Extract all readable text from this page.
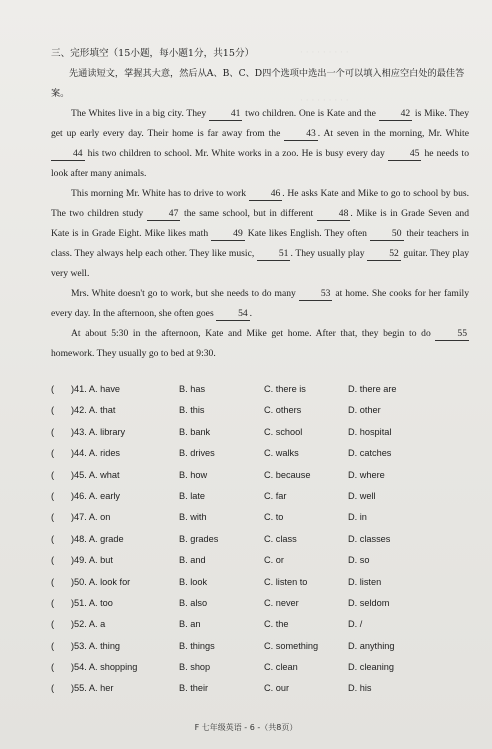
· · · · · · · · ·
· · · · · · · · ·

三、完形填空（15小题，每小题1分，共15分）

先通读短文，掌握其大意，然后从A、B、C、D四个选项中选出一个可以填入相应空白处的最佳答案。

The Whites live in a big city. They 41 two children. One is Kate and the 42 is Mike. They get up early every day. Their home is far away from the 43 . At seven in the morning, Mr. White 44 his two children to school. Mr. White works in a zoo. He is busy every day 45 he needs to look after many animals.

This morning Mr. White has to drive to work 46 . He asks Kate and Mike to go to school by bus. The two children study 47 the same school, but in different 48 . Mike is in Grade Seven and Kate is in Grade Eight. Mike likes math 49 Kate likes English. They often 50 their teachers in class. They always help each other. They like music, 51 . They usually play 52 guitar. They play very well.

Mrs. White doesn't go to work, but she needs to do many 53 at home. She cooks for her family every day. In the afternoon, she often goes 54 .

At about 5:30 in the afternoon, Kate and Mike get home. After that, they begin to do 55 homework. They usually go to bed at 9:30.

( )41. A. have	B. has	C. there is	D. there are
( )42. A. that	B. this	C. others	D. other
( )43. A. library	B. bank	C. school	D. hospital
( )44. A. rides	B. drives	C. walks	D. catches
( )45. A. what	B. how	C. because	D. where
( )46. A. early	B. late	C. far	D. well
( )47. A. on	B. with	C. to	D. in
( )48. A. grade	B. grades	C. class	D. classes
( )49. A. but	B. and	C. or	D. so
( )50. A. look for	B. look	C. listen to	D. listen
( )51. A. too	B. also	C. never	D. seldom
( )52. A. a	B. an	C. the	D. /
( )53. A. thing	B. things	C. something	D. anything
( )54. A. shopping	B. shop	C. clean	D. cleaning
( )55. A. her	B. their	C. our	D. his
F 七年级英语 - 6 -（共8页）
